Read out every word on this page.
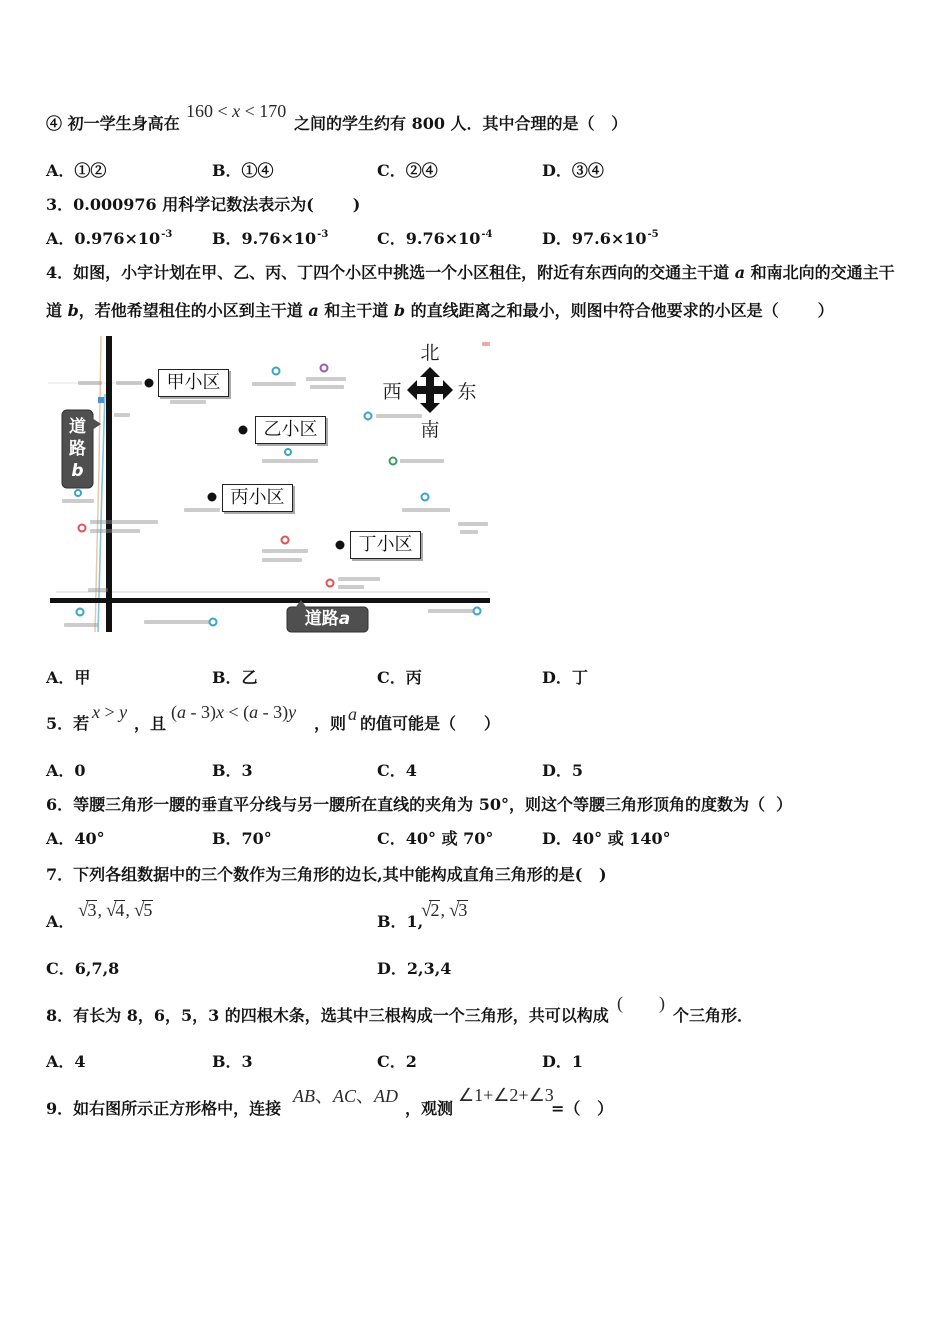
④ 初一学生身高在
160 < x < 170
之间的学生约有 800 人．其中合理的是（   ）
A．①②	B．①④	C．②④	D．③④
3．0.000976 用科学记数法表示为(       )
A．$0.976\times 10^{-3}$ B．$9.76\times 10^{-3}$	C．$9.76\times 10^{-4}$	D．$97.6\times 10^{-5}$
4．如图，小宇计划在甲、乙、丙、丁四个小区中挑选一个小区租住，附近有东西向的交通主干道 a 和南北向的交通主干
道 b，若他希望租住的小区到主干道 a 和主干道 b 的直线距离之和最小，则图中符合他要求的小区是（       ）
甲小区
乙小区
丙小区
丁小区
北
南
西	东
道
路
b
道路a
A．甲	B．乙	C．丙	D．丁
5．若
x > y
，且
(a - 3)x < (a - 3)y
，则 a 的值可能是（     ）
A．0	B．3	C．4	D．5
6．等腰三角形一腰的垂直平分线与另一腰所在直线的夹角为 50°，则这个等腰三角形顶角的度数为（  ）
A．40°	B．70°	C．40° 或 70°	D．40° 或 140°
7．下列各组数据中的三个数作为三角形的边长,其中能构成直角三角形的是(   )
A．
√3, √4, √5
B．1,
√2, √3
C．6,7,8	D．2,3,4
8．有长为 8，6，5，3 的四根木条，选其中三根构成一个三角形，共可以构成
(        )
个三角形．
A．4	B．3	C．2	D．1
9．如右图所示正方形格中，连接
AB、AC、AD
，观测
∠1+∠2+∠3
=（   ）
